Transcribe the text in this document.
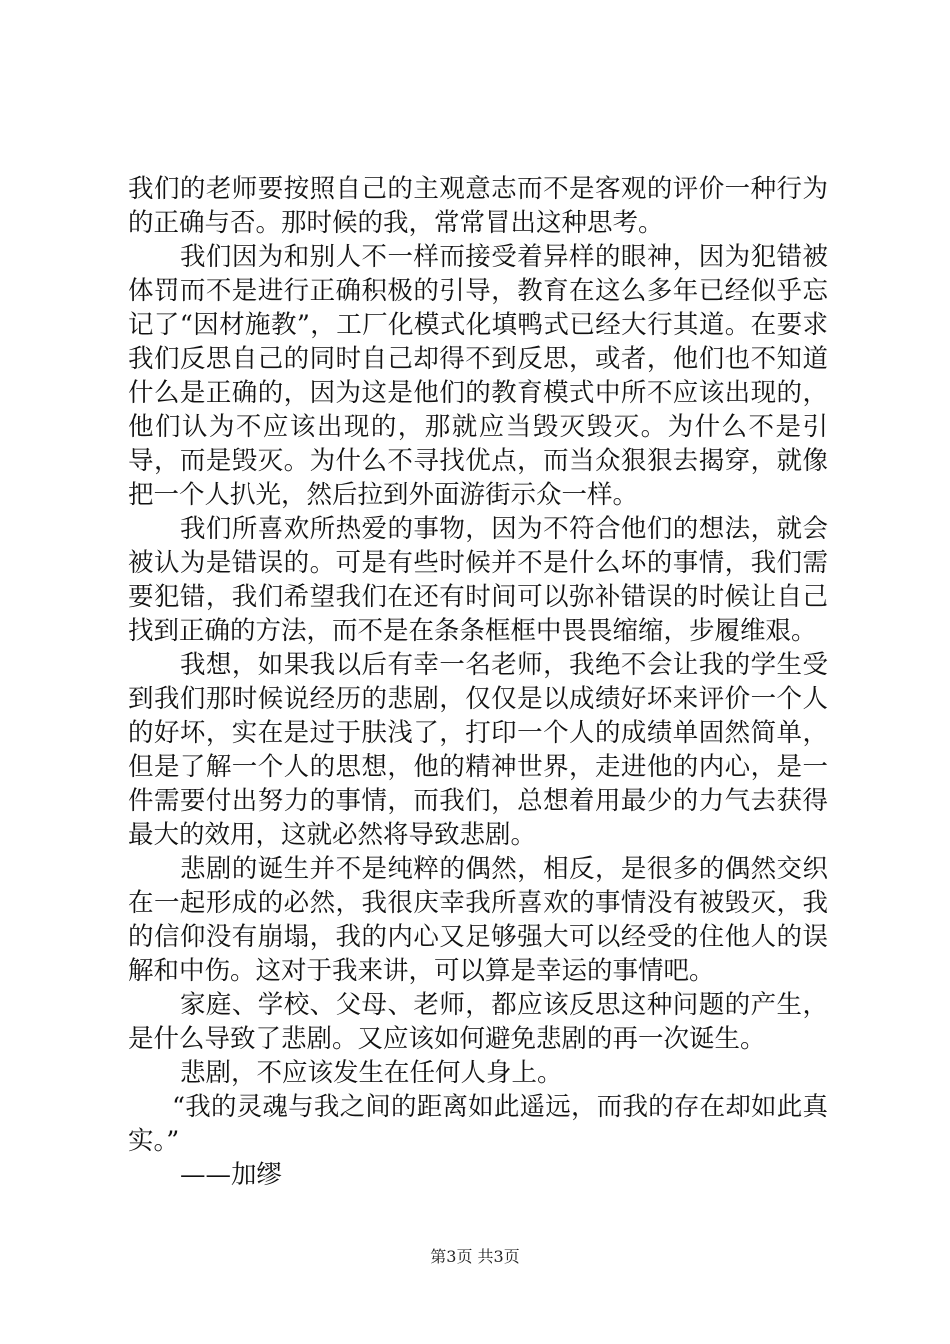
我们的老师要按照自己的主观意志而不是客观的评价一种行为的正确与否。那时候的我，常常冒出这种思考。

我们因为和别人不一样而接受着异样的眼神，因为犯错被体罚而不是进行正确积极的引导，教育在这么多年已经似乎忘记了“因材施教”，工厂化模式化填鸭式已经大行其道。在要求我们反思自己的同时自己却得不到反思，或者，他们也不知道什么是正确的，因为这是他们的教育模式中所不应该出现的，他们认为不应该出现的，那就应当毁灭毁灭。为什么不是引导，而是毁灭。为什么不寻找优点，而当众狠狠去揭穿，就像把一个人扒光，然后拉到外面游街示众一样。

我们所喜欢所热爱的事物，因为不符合他们的想法，就会被认为是错误的。可是有些时候并不是什么坏的事情，我们需要犯错，我们希望我们在还有时间可以弥补错误的时候让自己找到正确的方法，而不是在条条框框中畏畏缩缩，步履维艰。

我想，如果我以后有幸一名老师，我绝不会让我的学生受到我们那时候说经历的悲剧，仅仅是以成绩好坏来评价一个人的好坏，实在是过于肤浅了，打印一个人的成绩单固然简单，但是了解一个人的思想，他的精神世界，走进他的内心，是一件需要付出努力的事情，而我们，总想着用最少的力气去获得最大的效用，这就必然将导致悲剧。

悲剧的诞生并不是纯粹的偶然，相反，是很多的偶然交织在一起形成的必然，我很庆幸我所喜欢的事情没有被毁灭，我的信仰没有崩塌，我的内心又足够强大可以经受的住他人的误解和中伤。这对于我来讲，可以算是幸运的事情吧。

家庭、学校、父母、老师，都应该反思这种问题的产生，是什么导致了悲剧。又应该如何避免悲剧的再一次诞生。

悲剧，不应该发生在任何人身上。

“我的灵魂与我之间的距离如此遥远，而我的存在却如此真实。”

——加缪

第3页 共3页
